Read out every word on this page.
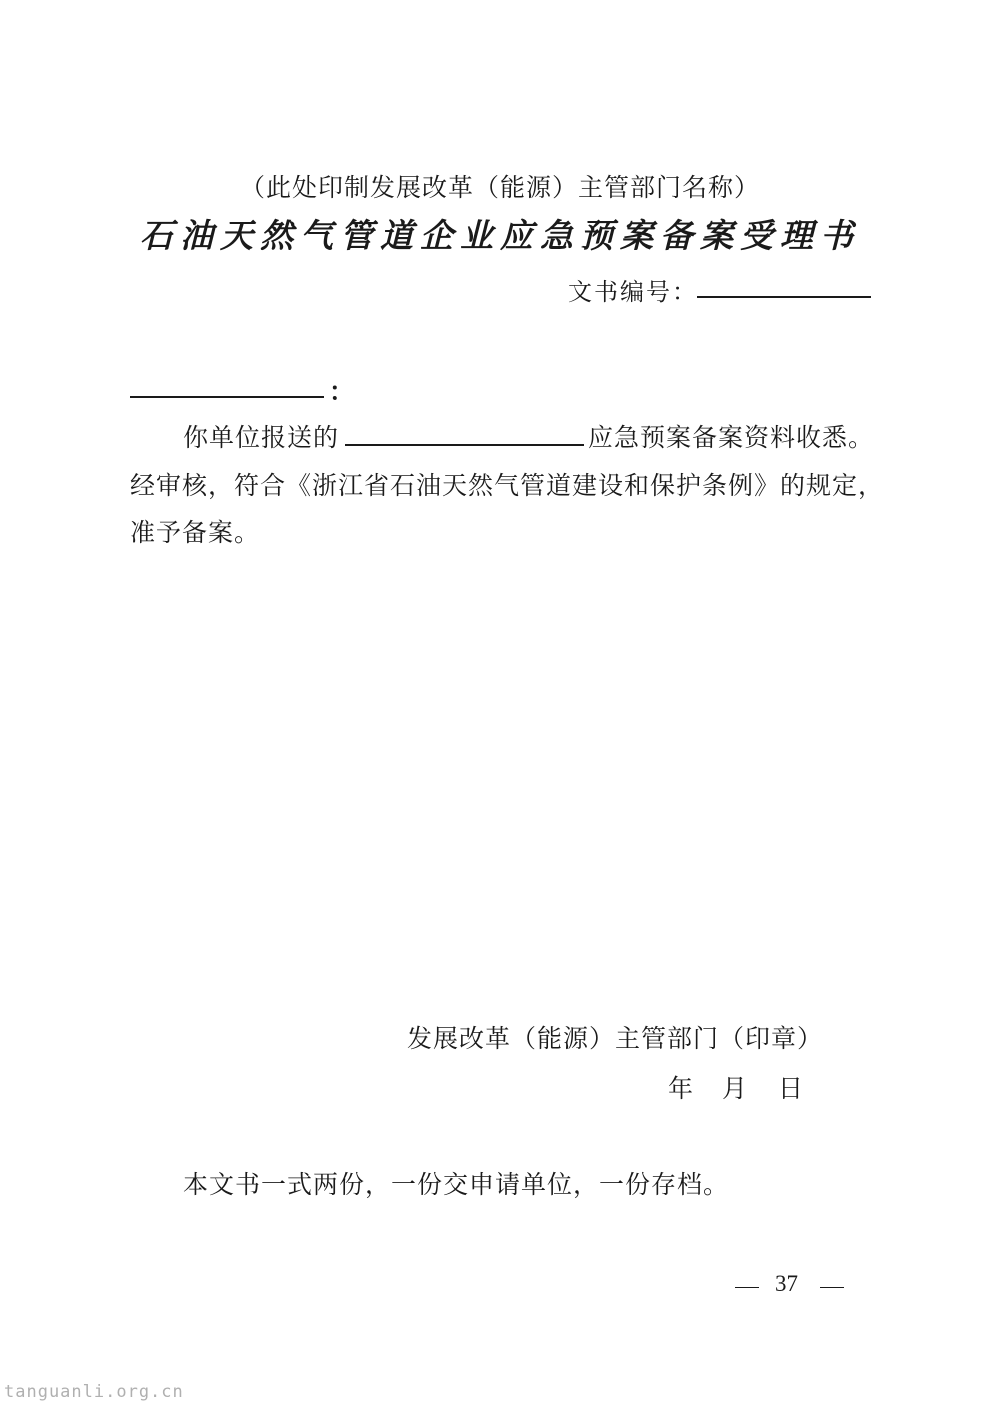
（此处印制发展改革（能源）主管部门名称）
石油天然气管道企业应急预案备案受理书
文书编号：
：
你单位报送的	应急预案备案资料收悉。
经审核，符合《浙江省石油天然气管道建设和保护条例》的规定，
准予备案。
发展改革（能源）主管部门（印章）
年 月 日
本文书一式两份，一份交申请单位，一份存档。
37
tanguanli.org.cn
